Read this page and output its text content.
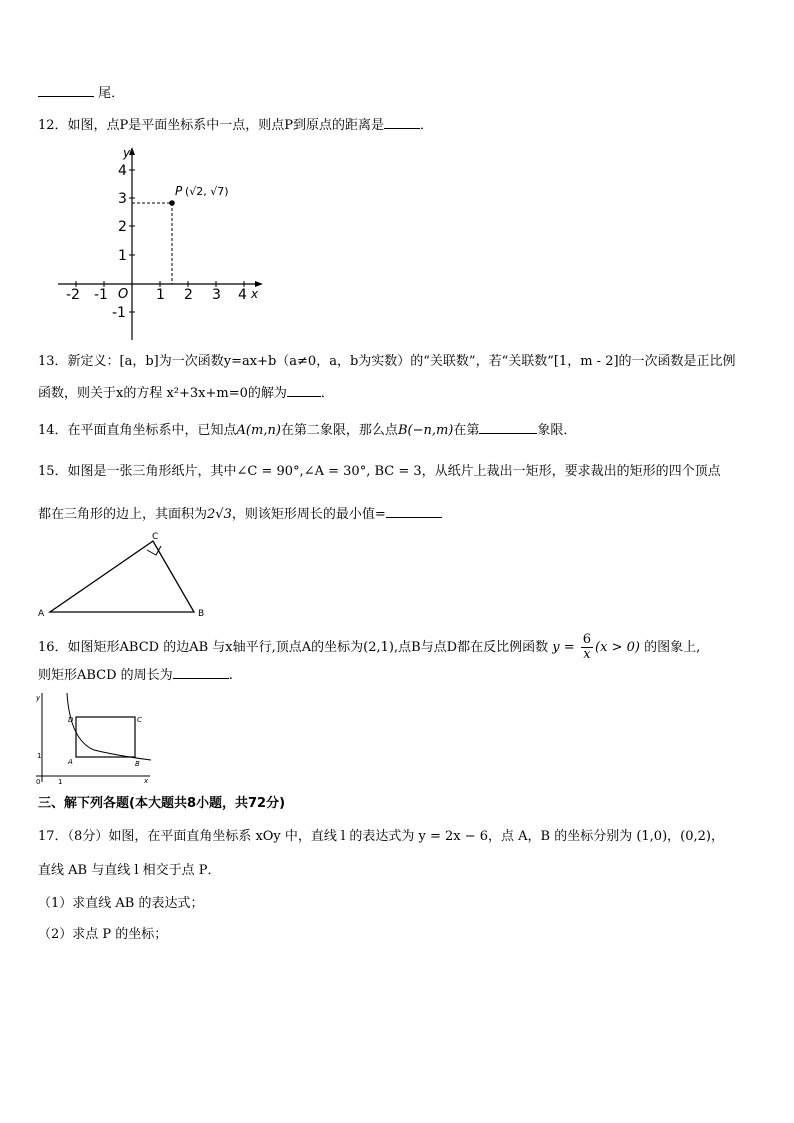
尾．
12．如图，点P是平面坐标系中一点，则点P到原点的距离是	．
y
x
O
4
3
2
1
-1
-2 -1	1 2 3 4
P (√2, √7)
13．新定义：[a，b]为一次函数y=ax+b（a≠0，a，b为实数）的“关联数”，若“关联数”[1，m - 2]的一次函数是正比例
函数，则关于x的方程 x²+3x+m=0的解为	．
14．在平面直角坐标系中，已知点A(m,n)在第二象限，那么点B(−n,m)在第	象限．
15．如图是一张三角形纸片，其中∠C = 90°,∠A = 30°, BC = 3，从纸片上裁出一矩形，要求裁出的矩形的四个顶点
都在三角形的边上，其面积为2√3，则该矩形周长的最小值=
A	B
C
16．如图矩形ABCD 的边AB 与x轴平行,顶点A的坐标为(2,1),点B与点D都在反比例函数 $y = \frac{6}{x} (x > 0)$ 的图象上,
则矩形ABCD 的周长为	.
y
x
0	1
1
D	C
A	B
三、解下列各题(本大题共8小题，共72分)
17．（8分）如图，在平面直角坐标系 xOy 中，直线 l 的表达式为 y = 2x − 6，点 A，B 的坐标分别为 (1,0)，(0,2)，
直线 AB 与直线 l 相交于点 P．
（1）求直线 AB 的表达式；
（2）求点 P 的坐标；
